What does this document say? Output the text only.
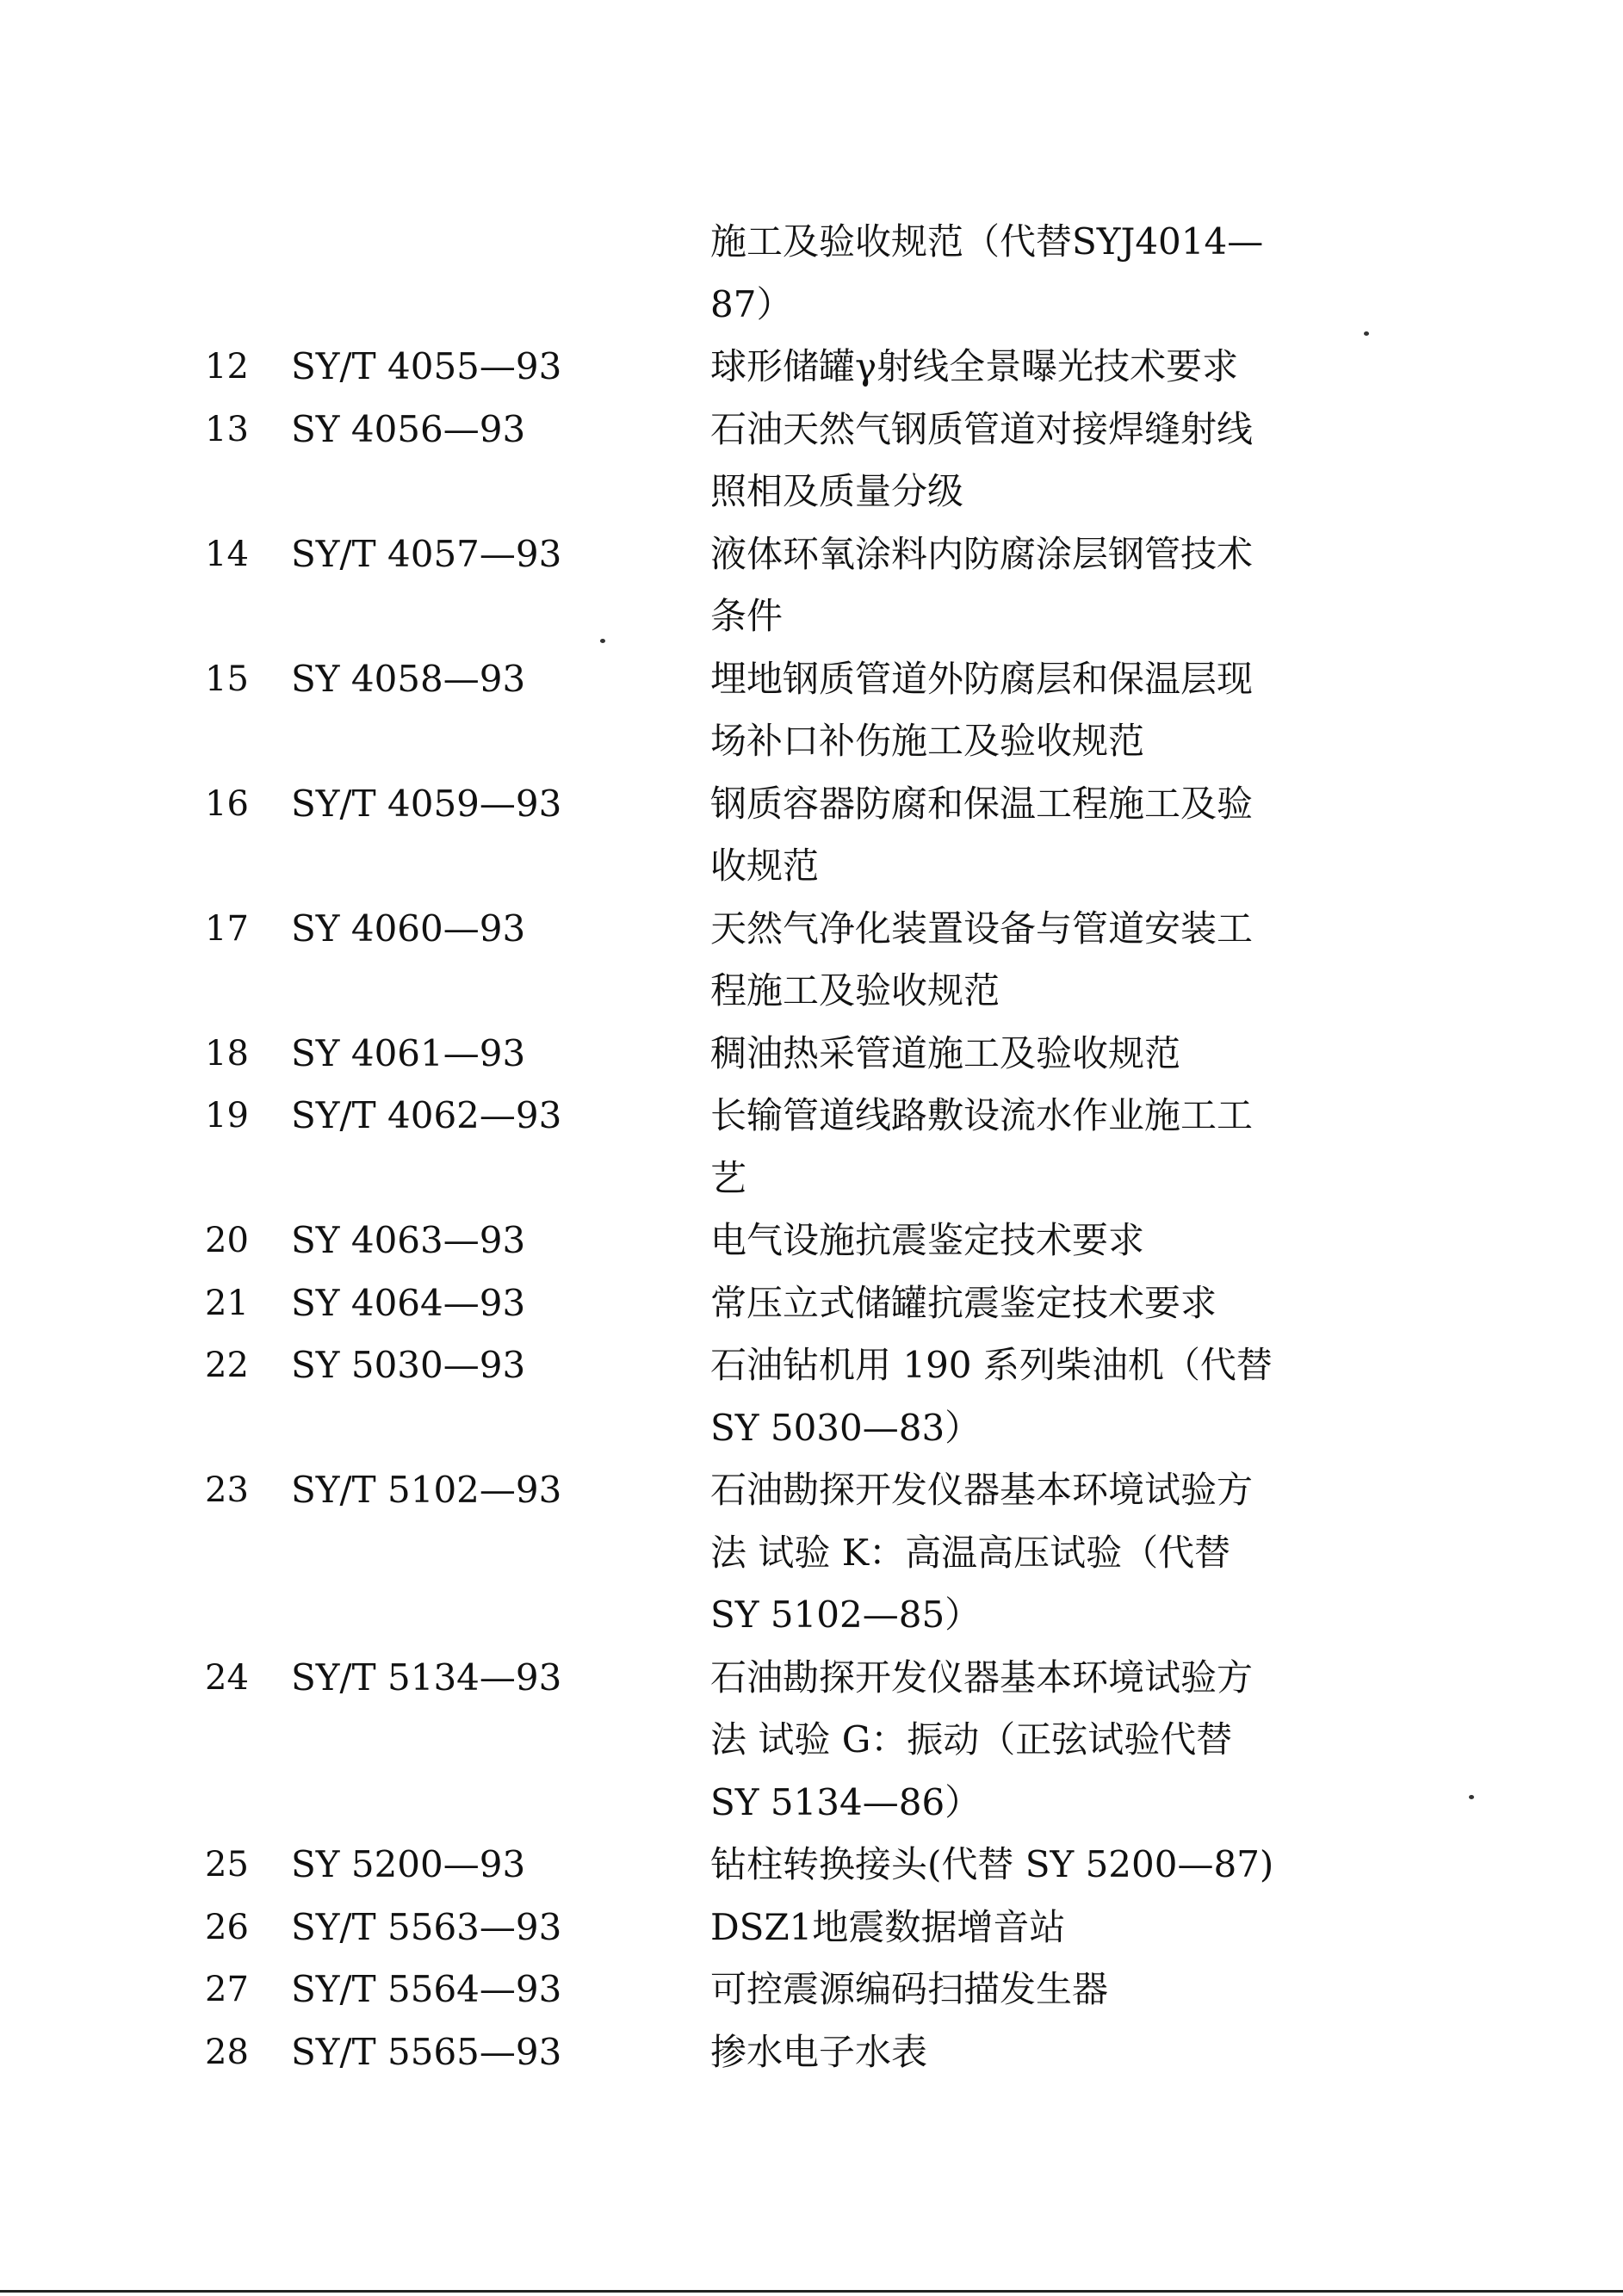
施工及验收规范（代替SYJ4014—
87）
12	SY/T 4055—93	球形储罐γ射线全景曝光技术要求
13	SY 4056—93	石油天然气钢质管道对接焊缝射线
照相及质量分级
14	SY/T 4057—93	液体环氧涂料内防腐涂层钢管技术
条件
15	SY 4058—93	埋地钢质管道外防腐层和保温层现
场补口补伤施工及验收规范
16	SY/T 4059—93	钢质容器防腐和保温工程施工及验
收规范
17	SY 4060—93	天然气净化装置设备与管道安装工
程施工及验收规范
18	SY 4061—93	稠油热采管道施工及验收规范
19	SY/T 4062—93	长输管道线路敷设流水作业施工工
艺
20	SY 4063—93	电气设施抗震鉴定技术要求
21	SY 4064—93	常压立式储罐抗震鉴定技术要求
22	SY 5030—93	石油钻机用 190 系列柴油机（代替
SY 5030—83）
23	SY/T 5102—93	石油勘探开发仪器基本环境试验方
法 试验 K：高温高压试验（代替
SY 5102—85）
24	SY/T 5134—93	石油勘探开发仪器基本环境试验方
法 试验 G：振动（正弦试验代替
SY 5134—86）
25	SY 5200—93	钻柱转换接头(代替 SY 5200—87)
26	SY/T 5563—93	DSZ1地震数据增音站
27	SY/T 5564—93	可控震源编码扫描发生器
28	SY/T 5565—93	掺水电子水表
